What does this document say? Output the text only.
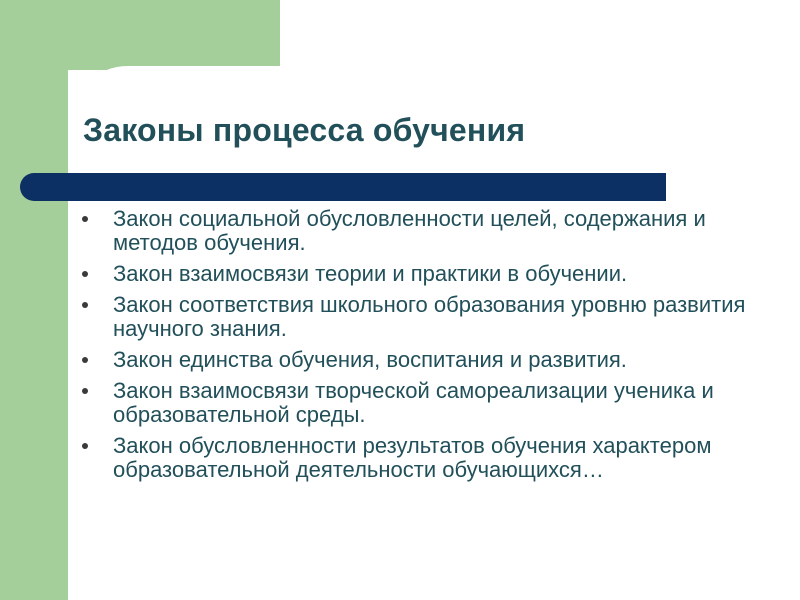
Законы процесса обучения
Закон социальной обусловленности целей, содержания и методов обучения.
Закон взаимосвязи теории и практики в обучении.
Закон соответствия школьного образования уровню развития научного знания.
Закон единства обучения, воспитания и развития.
Закон взаимосвязи творческой самореализации ученика и образовательной среды.
Закон обусловленности результатов обучения характером образовательной деятельности обучающихся…
